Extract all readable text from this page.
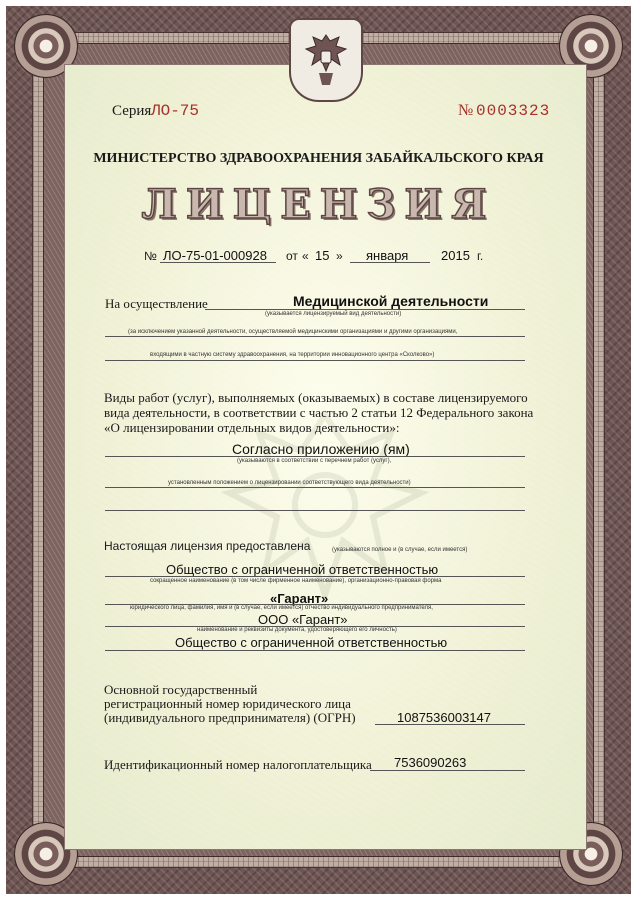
Серия ЛО-75	№ 0003323
МИНИСТЕРСТВО ЗДРАВООХРАНЕНИЯ ЗАБАЙКАЛЬСКОГО КРАЯ
ЛИЦЕНЗИЯ
№ ЛО-75-01-000928 от « 15 » января	2015 г.
На осуществление	Медицинской деятельности
(указывается лицензируемый вид деятельности)
(за исключением указанной деятельности, осуществляемой медицинскими организациями и другими организациями,
входящими в частную систему здравоохранения, на территории инновационного центра «Сколково»)
Виды работ (услуг), выполняемых (оказываемых) в составе лицензируемого
вида деятельности, в соответствии с частью 2 статьи 12 Федерального закона
«О лицензировании отдельных видов деятельности»:
Согласно приложению (ям)
(указываются в соответствии с перечнем работ (услуг),
установленным положением о лицензировании соответствующего вида деятельности)
Настоящая лицензия предоставлена	(указываются полное и (в случае, если имеется)
Общество с ограниченной ответственностью
сокращенное наименование (в том числе фирменное наименование), организационно-правовая форма
«Гарант»
юридического лица, фамилия, имя и (в случае, если имеется) отчество индивидуального предпринимателя,
ООО «Гарант»
наименование и реквизиты документа, удостоверяющего его личность)
Общество с ограниченной ответственностью
Основной государственный
регистрационный номер юридического лица
(индивидуального предпринимателя) (ОГРН)	1087536003147
Идентификационный номер налогоплательщика 7536090263
